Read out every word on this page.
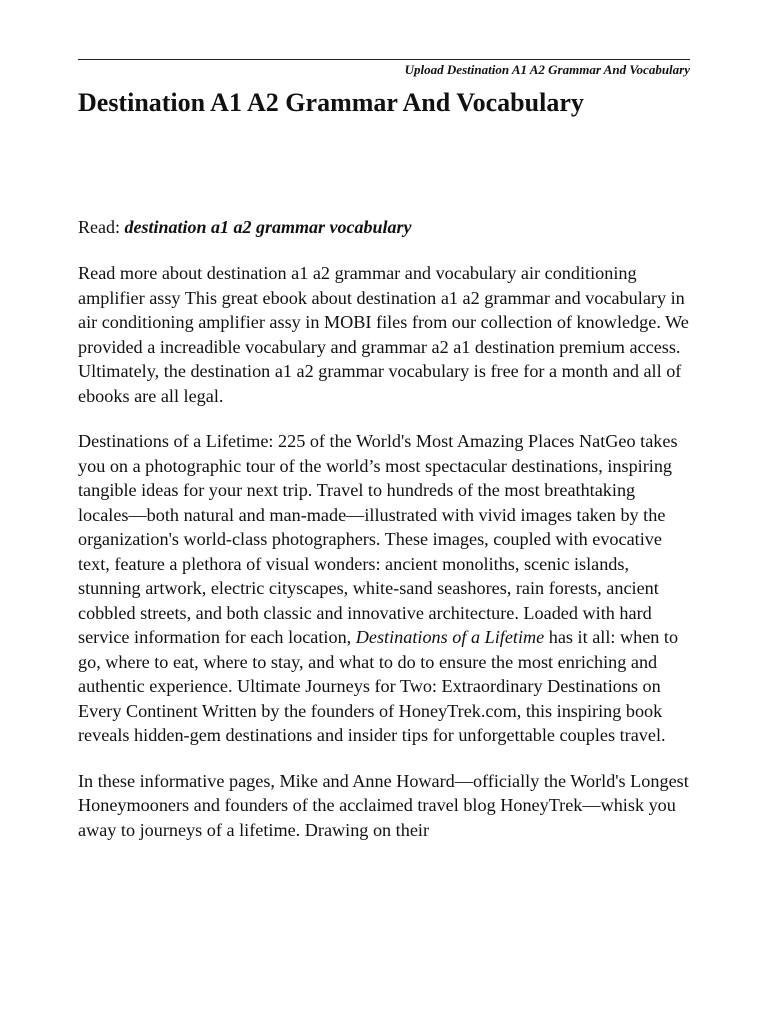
Upload Destination A1 A2 Grammar And Vocabulary
Destination A1 A2 Grammar And Vocabulary
Read: destination a1 a2 grammar vocabulary

Read more about destination a1 a2 grammar and vocabulary air conditioning amplifier assy This great ebook about destination a1 a2 grammar and vocabulary in air conditioning amplifier assy in MOBI files from our collection of knowledge. We provided a increadible vocabulary and grammar a2 a1 destination premium access. Ultimately, the destination a1 a2 grammar vocabulary is free for a month and all of ebooks are all legal.

Destinations of a Lifetime: 225 of the World's Most Amazing Places NatGeo takes you on a photographic tour of the world’s most spectacular destinations, inspiring tangible ideas for your next trip. Travel to hundreds of the most breathtaking locales—both natural and man-made—illustrated with vivid images taken by the organization's world-class photographers. These images, coupled with evocative text, feature a plethora of visual wonders: ancient monoliths, scenic islands, stunning artwork, electric cityscapes, white-sand seashores, rain forests, ancient cobbled streets, and both classic and innovative architecture. Loaded with hard service information for each location, Destinations of a Lifetime has it all: when to go, where to eat, where to stay, and what to do to ensure the most enriching and authentic experience. Ultimate Journeys for Two: Extraordinary Destinations on Every Continent Written by the founders of HoneyTrek.com, this inspiring book reveals hidden-gem destinations and insider tips for unforgettable couples travel.

In these informative pages, Mike and Anne Howard—officially the World's Longest Honeymooners and founders of the acclaimed travel blog HoneyTrek—whisk you away to journeys of a lifetime. Drawing on their
